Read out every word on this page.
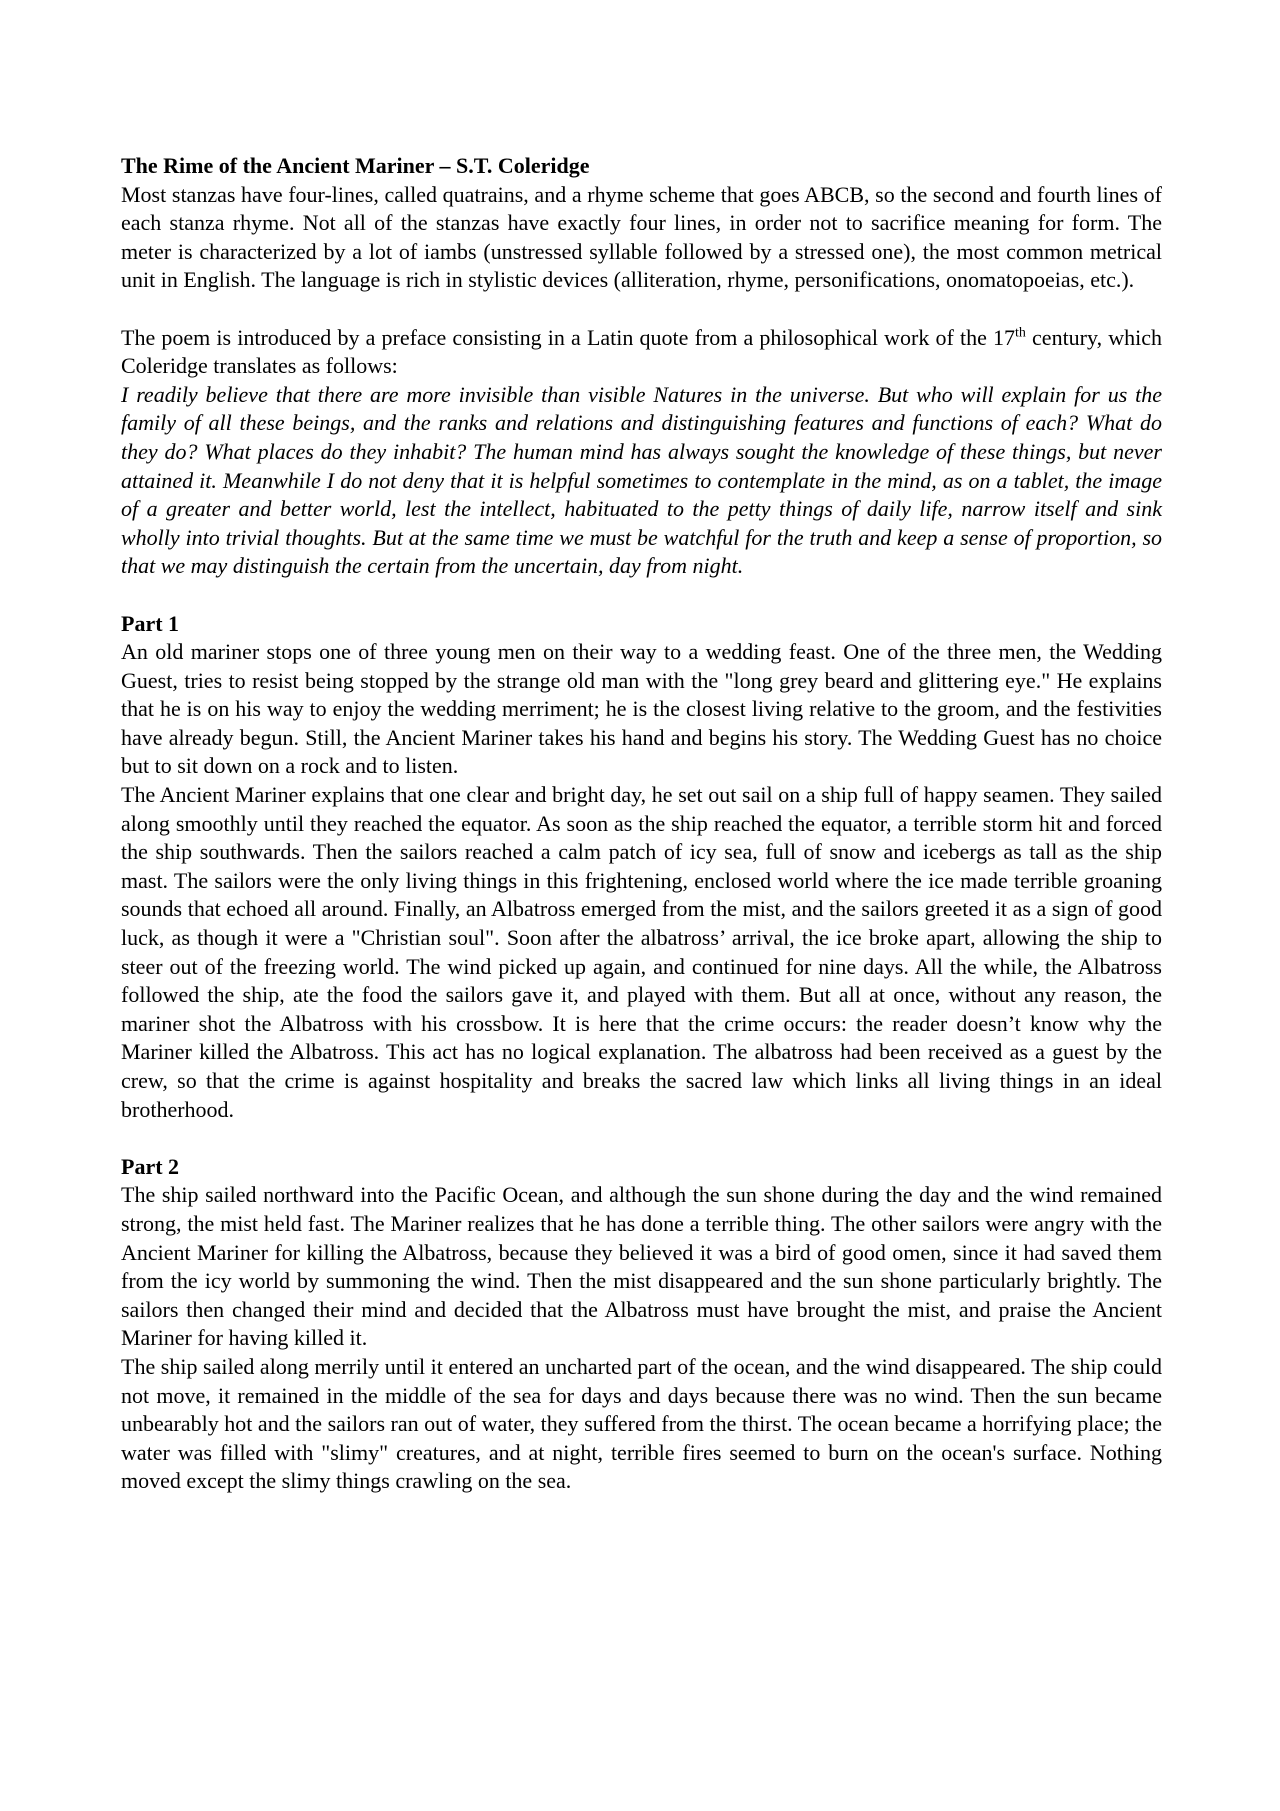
The Rime of the Ancient Mariner – S.T. Coleridge

Most stanzas have four-lines, called quatrains, and a rhyme scheme that goes ABCB, so the second and fourth lines of each stanza rhyme. Not all of the stanzas have exactly four lines, in order not to sacrifice meaning for form. The meter is characterized by a lot of iambs (unstressed syllable followed by a stressed one), the most common metrical unit in English. The language is rich in stylistic devices (alliteration, rhyme, personifications, onomatopoeias, etc.).

The poem is introduced by a preface consisting in a Latin quote from a philosophical work of the 17th century, which Coleridge translates as follows:

I readily believe that there are more invisible than visible Natures in the universe. But who will explain for us the family of all these beings, and the ranks and relations and distinguishing features and functions of each? What do they do? What places do they inhabit? The human mind has always sought the knowledge of these things, but never attained it. Meanwhile I do not deny that it is helpful sometimes to contemplate in the mind, as on a tablet, the image of a greater and better world, lest the intellect, habituated to the petty things of daily life, narrow itself and sink wholly into trivial thoughts. But at the same time we must be watchful for the truth and keep a sense of proportion, so that we may distinguish the certain from the uncertain, day from night.

Part 1

An old mariner stops one of three young men on their way to a wedding feast. One of the three men, the Wedding Guest, tries to resist being stopped by the strange old man with the "long grey beard and glittering eye." He explains that he is on his way to enjoy the wedding merriment; he is the closest living relative to the groom, and the festivities have already begun. Still, the Ancient Mariner takes his hand and begins his story. The Wedding Guest has no choice but to sit down on a rock and to listen.

The Ancient Mariner explains that one clear and bright day, he set out sail on a ship full of happy seamen. They sailed along smoothly until they reached the equator. As soon as the ship reached the equator, a terrible storm hit and forced the ship southwards. Then the sailors reached a calm patch of icy sea, full of snow and icebergs as tall as the ship mast. The sailors were the only living things in this frightening, enclosed world where the ice made terrible groaning sounds that echoed all around. Finally, an Albatross emerged from the mist, and the sailors greeted it as a sign of good luck, as though it were a "Christian soul". Soon after the albatross’ arrival, the ice broke apart, allowing the ship to steer out of the freezing world. The wind picked up again, and continued for nine days. All the while, the Albatross followed the ship, ate the food the sailors gave it, and played with them. But all at once, without any reason, the mariner shot the Albatross with his crossbow. It is here that the crime occurs: the reader doesn’t know why the Mariner killed the Albatross. This act has no logical explanation. The albatross had been received as a guest by the crew, so that the crime is against hospitality and breaks the sacred law which links all living things in an ideal brotherhood.

Part 2

The ship sailed northward into the Pacific Ocean, and although the sun shone during the day and the wind remained strong, the mist held fast. The Mariner realizes that he has done a terrible thing. The other sailors were angry with the Ancient Mariner for killing the Albatross, because they believed it was a bird of good omen, since it had saved them from the icy world by summoning the wind. Then the mist disappeared and the sun shone particularly brightly. The sailors then changed their mind and decided that the Albatross must have brought the mist, and praise the Ancient Mariner for having killed it.

The ship sailed along merrily until it entered an uncharted part of the ocean, and the wind disappeared. The ship could not move, it remained in the middle of the sea for days and days because there was no wind. Then the sun became unbearably hot and the sailors ran out of water, they suffered from the thirst. The ocean became a horrifying place; the water was filled with "slimy" creatures, and at night, terrible fires seemed to burn on the ocean's surface. Nothing moved except the slimy things crawling on the sea.
